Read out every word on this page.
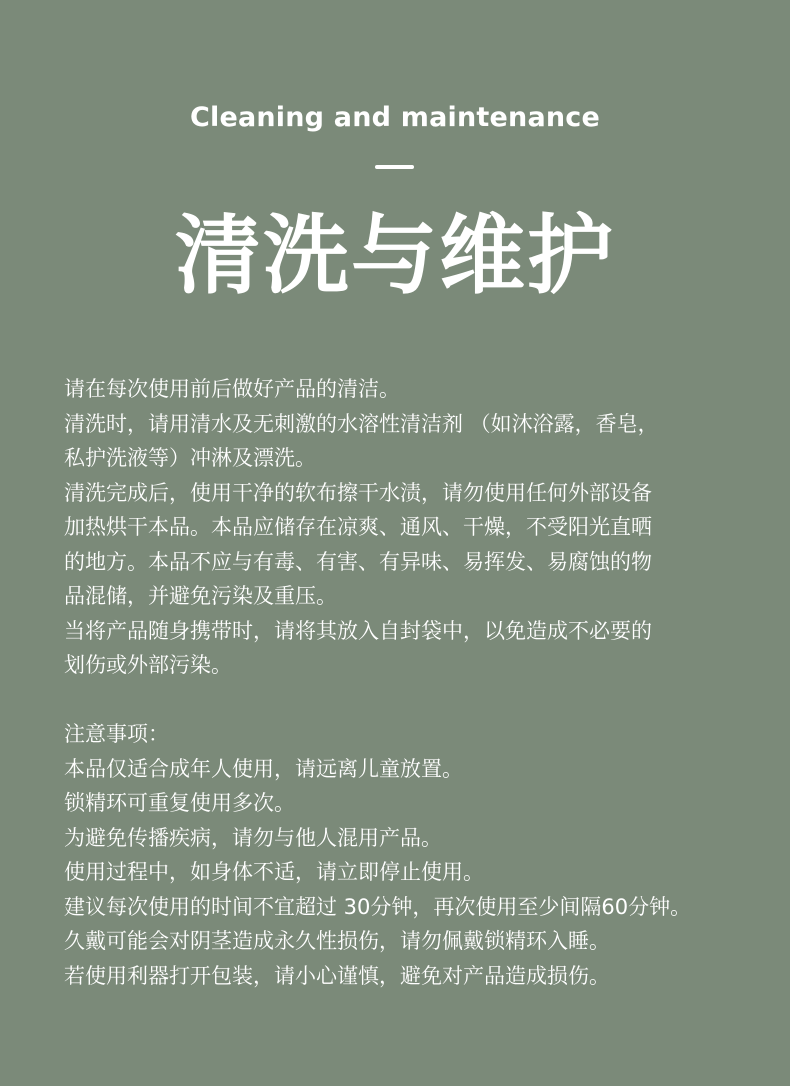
Cleaning and maintenance
清洗与维护
请在每次使用前后做好产品的清洁。
清洗时，请用清水及无刺激的水溶性清洁剂 （如沐浴露，香皂，
私护洗液等）冲淋及漂洗。
清洗完成后，使用干净的软布擦干水渍，请勿使用任何外部设备
加热烘干本品。本品应储存在凉爽、通风、干燥，不受阳光直晒
的地方。本品不应与有毒、有害、有异味、易挥发、易腐蚀的物
品混储，并避免污染及重压。
当将产品随身携带时，请将其放入自封袋中，以免造成不必要的
划伤或外部污染。
注意事项：
本品仅适合成年人使用，请远离儿童放置。
锁精环可重复使用多次。
为避免传播疾病，请勿与他人混用产品。
使用过程中，如身体不适，请立即停止使用。
建议每次使用的时间不宜超过 30分钟，再次使用至少间隔60分钟。
久戴可能会对阴茎造成永久性损伤，请勿佩戴锁精环入睡。
若使用利器打开包装，请小心谨慎，避免对产品造成损伤。
